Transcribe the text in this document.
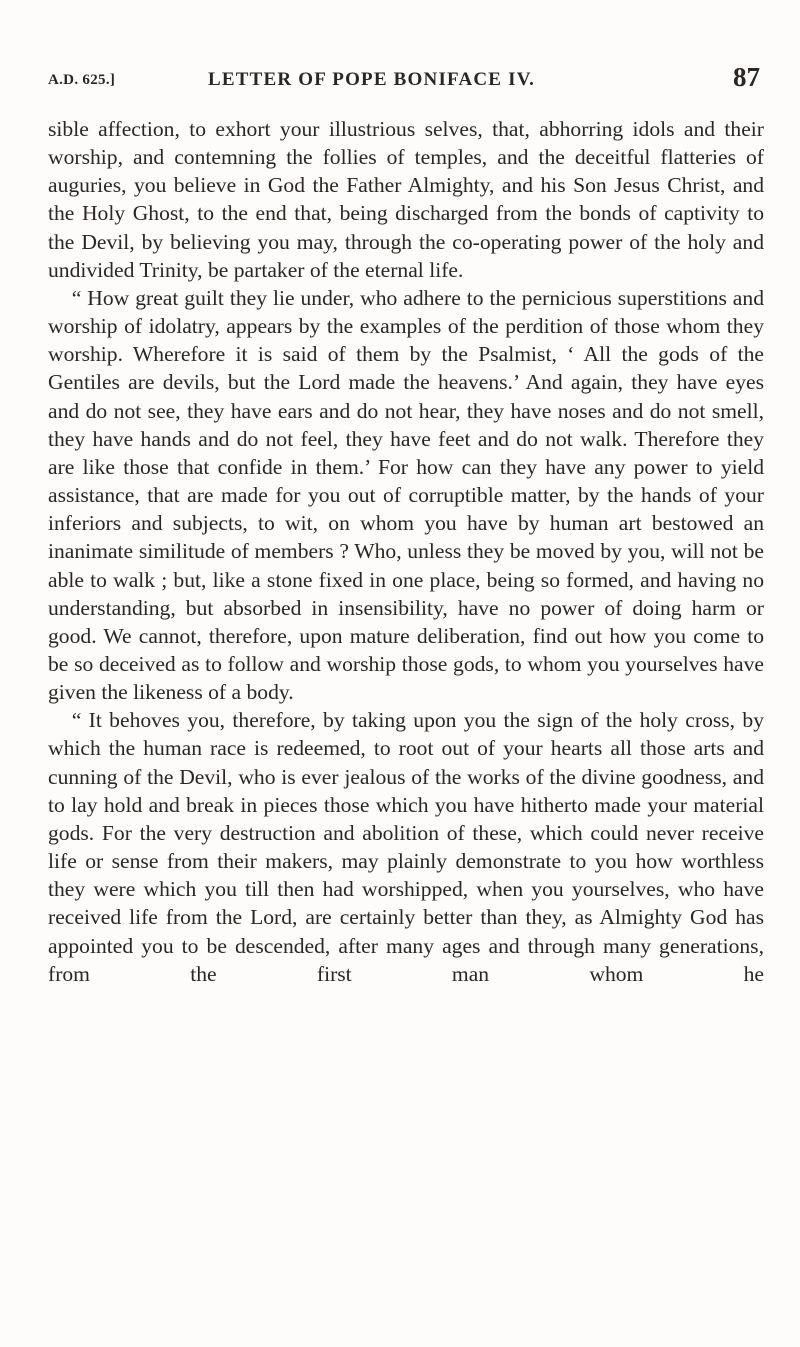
A.D. 625.]	LETTER OF POPE BONIFACE IV.	87

sible affection, to exhort your illustrious selves, that, abhorring idols and their worship, and contemning the follies of temples, and the deceitful flatteries of auguries, you believe in God the Father Almighty, and his Son Jesus Christ, and the Holy Ghost, to the end that, being discharged from the bonds of captivity to the Devil, by believing you may, through the co-operating power of the holy and undivided Trinity, be partaker of the eternal life.

“ How great guilt they lie under, who adhere to the pernicious superstitions and worship of idolatry, appears by the examples of the perdition of those whom they worship. Wherefore it is said of them by the Psalmist, ‘ All the gods of the Gentiles are devils, but the Lord made the heavens.’ And again, they have eyes and do not see, they have ears and do not hear, they have noses and do not smell, they have hands and do not feel, they have feet and do not walk. Therefore they are like those that confide in them.’ For how can they have any power to yield assistance, that are made for you out of corruptible matter, by the hands of your inferiors and subjects, to wit, on whom you have by human art bestowed an inanimate similitude of members ? Who, unless they be moved by you, will not be able to walk ; but, like a stone fixed in one place, being so formed, and having no understanding, but absorbed in insensibility, have no power of doing harm or good. We cannot, therefore, upon mature deliberation, find out how you come to be so deceived as to follow and worship those gods, to whom you yourselves have given the likeness of a body.

“ It behoves you, therefore, by taking upon you the sign of the holy cross, by which the human race is redeemed, to root out of your hearts all those arts and cunning of the Devil, who is ever jealous of the works of the divine goodness, and to lay hold and break in pieces those which you have hitherto made your material gods. For the very destruction and abolition of these, which could never receive life or sense from their makers, may plainly demonstrate to you how worthless they were which you till then had worshipped, when you yourselves, who have received life from the Lord, are certainly better than they, as Almighty God has appointed you to be descended, after many ages and through many generations, from the first man whom he
